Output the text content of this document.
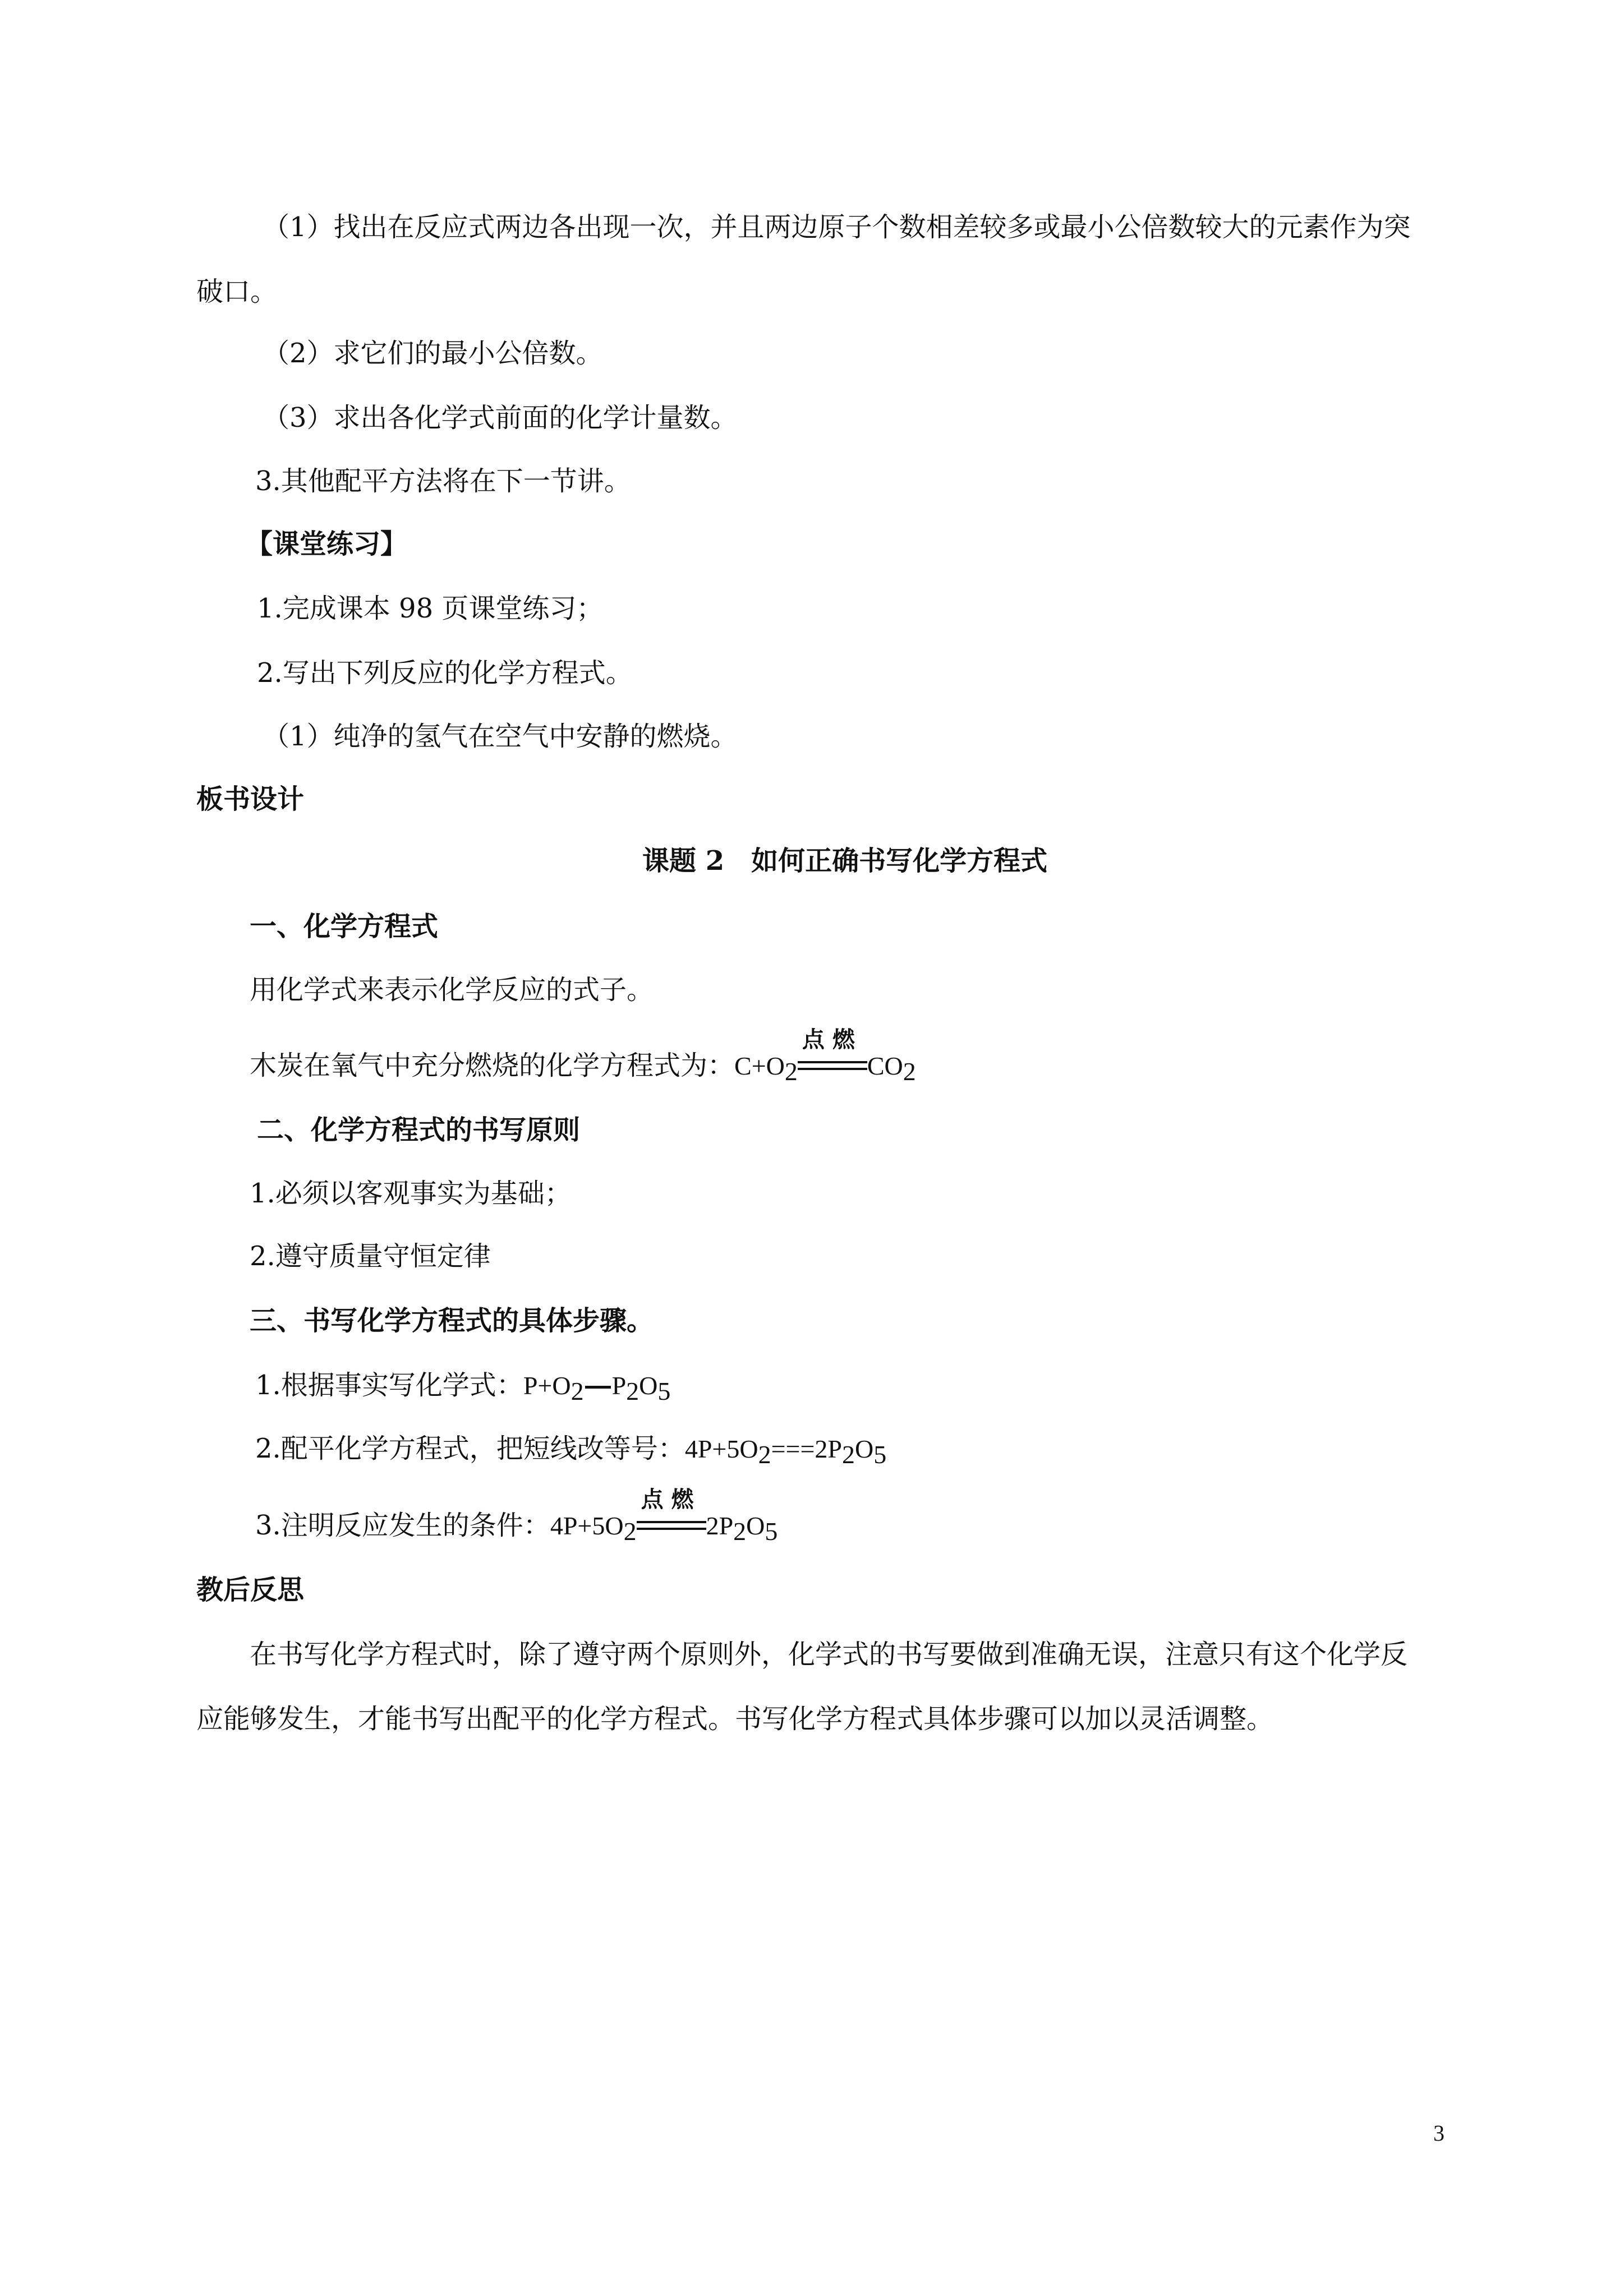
（1）找出在反应式两边各出现一次，并且两边原子个数相差较多或最小公倍数较大的元素作为突
破口。
（2）求它们的最小公倍数。
（3）求出各化学式前面的化学计量数。
3.其他配平方法将在下一节讲。
【课堂练习】
1.完成课本 98 页课堂练习；
2.写出下列反应的化学方程式。
（1）纯净的氢气在空气中安静的燃烧。
板书设计
课题 2　如何正确书写化学方程式
一、化学方程式
用化学式来表示化学反应的式子。
木炭在氧气中充分燃烧的化学方程式为：$C+O_2$
点燃
$CO_2$
二、化学方程式的书写原则
1.必须以客观事实为基础；
2.遵守质量守恒定律
三、书写化学方程式的具体步骤。
1.根据事实写化学式：$P+O_2$ $P_2O_5$
2.配平化学方程式，把短线改等号：$4P+5O_2===2P_2O_5$
3.注明反应发生的条件：$4P+5O_2$
点燃
$2P_2O_5$
教后反思
在书写化学方程式时，除了遵守两个原则外，化学式的书写要做到准确无误，注意只有这个化学反
应能够发生，才能书写出配平的化学方程式。书写化学方程式具体步骤可以加以灵活调整。
3
